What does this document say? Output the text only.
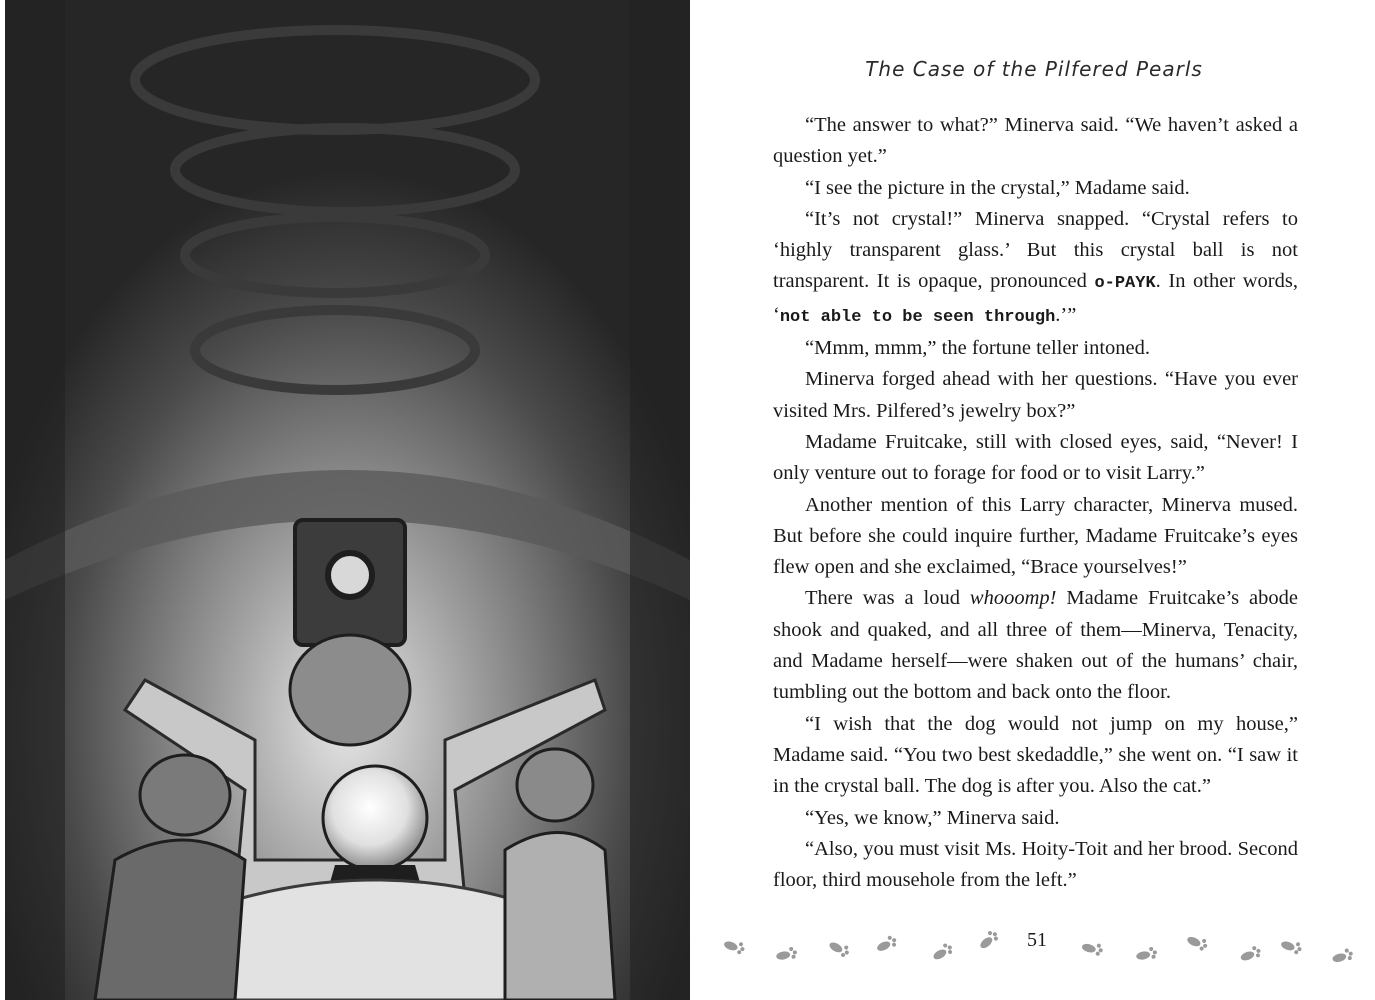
The Case of the Pilfered Pearls

“The answer to what?” Minerva said. “We haven’t asked a question yet.”

“I see the picture in the crystal,” Madame said.

“It’s not crystal!” Minerva snapped. “Crystal refers to ‘highly transparent glass.’ But this crystal ball is not transparent. It is opaque, pronounced o-PAYK. In other words, ‘not able to be seen through.’”

“Mmm, mmm,” the fortune teller intoned.

Minerva forged ahead with her questions. “Have you ever visited Mrs. Pilfered’s jewelry box?”

Madame Fruitcake, still with closed eyes, said, “Never! I only venture out to forage for food or to visit Larry.”

Another mention of this Larry character, Minerva mused. But before she could inquire further, Madame Fruitcake’s eyes flew open and she exclaimed, “Brace yourselves!”

There was a loud whooomp! Madame Fruitcake’s abode shook and quaked, and all three of them—Minerva, Tenacity, and Madame herself—were shaken out of the humans’ chair, tumbling out the bottom and back onto the floor.

“I wish that the dog would not jump on my house,” Madame said. “You two best skedaddle,” she went on. “I saw it in the crystal ball. The dog is after you. Also the cat.”

“Yes, we know,” Minerva said.

“Also, you must visit Ms. Hoity-Toit and her brood. Second floor, third mousehole from the left.”

51
